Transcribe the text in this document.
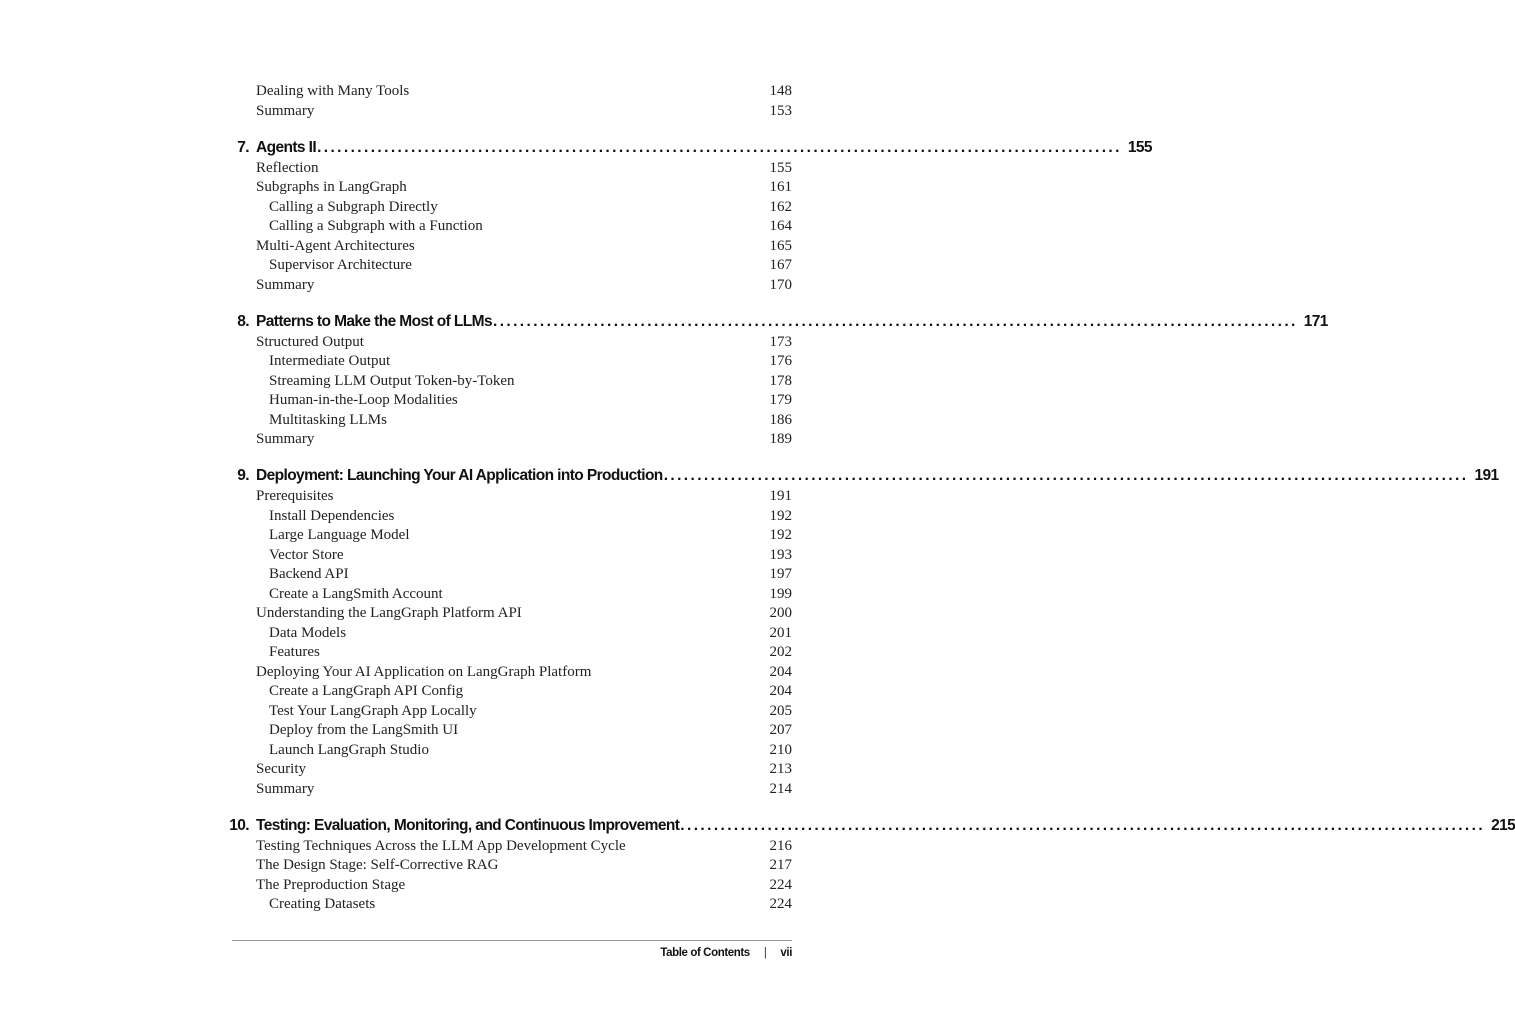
Dealing with Many Tools	148
Summary	153
7. Agents II ........................................................................................................................ 155
Reflection	155
Subgraphs in LangGraph	161
Calling a Subgraph Directly	162
Calling a Subgraph with a Function	164
Multi-Agent Architectures	165
Supervisor Architecture	167
Summary	170
8. Patterns to Make the Most of LLMs ........................................................................................................................ 171
Structured Output	173
Intermediate Output	176
Streaming LLM Output Token-by-Token	178
Human-in-the-Loop Modalities	179
Multitasking LLMs	186
Summary	189
9. Deployment: Launching Your AI Application into Production ........................................................................................................................ 191
Prerequisites	191
Install Dependencies	192
Large Language Model	192
Vector Store	193
Backend API	197
Create a LangSmith Account	199
Understanding the LangGraph Platform API	200
Data Models	201
Features	202
Deploying Your AI Application on LangGraph Platform	204
Create a LangGraph API Config	204
Test Your LangGraph App Locally	205
Deploy from the LangSmith UI	207
Launch LangGraph Studio	210
Security	213
Summary	214
10. Testing: Evaluation, Monitoring, and Continuous Improvement ........................................................................................................................ 215
Testing Techniques Across the LLM App Development Cycle	216
The Design Stage: Self-Corrective RAG	217
The Preproduction Stage	224
Creating Datasets	224
Table of Contents | vii
